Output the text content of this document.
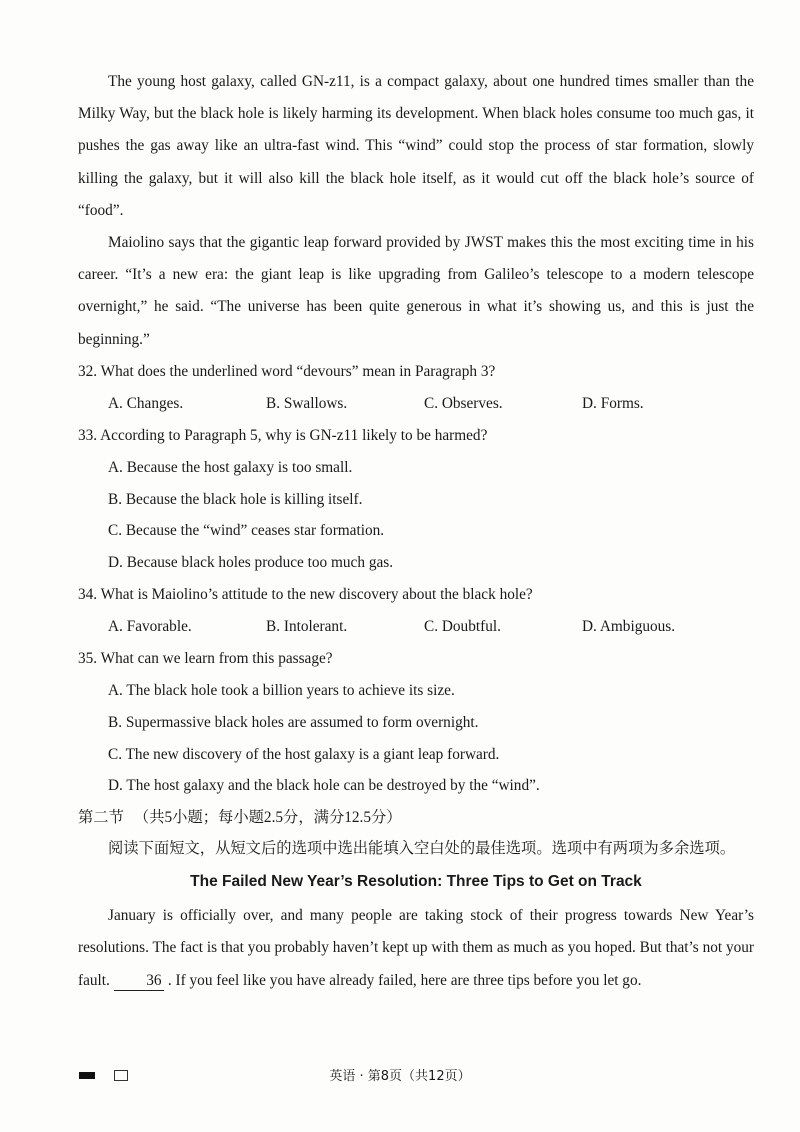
The young host galaxy, called GN-z11, is a compact galaxy, about one hundred times smaller than the Milky Way, but the black hole is likely harming its development. When black holes consume too much gas, it pushes the gas away like an ultra-fast wind. This “wind” could stop the process of star formation, slowly killing the galaxy, but it will also kill the black hole itself, as it would cut off the black hole’s source of “food”.

Maiolino says that the gigantic leap forward provided by JWST makes this the most exciting time in his career. “It’s a new era: the giant leap is like upgrading from Galileo’s telescope to a modern telescope overnight,” he said. “The universe has been quite generous in what it’s showing us, and this is just the beginning.”

32. What does the underlined word “devours” mean in Paragraph 3?

A. Changes.	B. Swallows.	C. Observes.	D. Forms.

33. According to Paragraph 5, why is GN-z11 likely to be harmed?

A. Because the host galaxy is too small.
B. Because the black hole is killing itself.
C. Because the “wind” ceases star formation.
D. Because black holes produce too much gas.

34. What is Maiolino’s attitude to the new discovery about the black hole?

A. Favorable.	B. Intolerant.	C. Doubtful.	D. Ambiguous.

35. What can we learn from this passage?

A. The black hole took a billion years to achieve its size.
B. Supermassive black holes are assumed to form overnight.
C. The new discovery of the host galaxy is a giant leap forward.
D. The host galaxy and the black hole can be destroyed by the “wind”.

第二节 （共5小题；每小题2.5分，满分12.5分）

阅读下面短文，从短文后的选项中选出能填入空白处的最佳选项。选项中有两项为多余选项。

The Failed New Year’s Resolution: Three Tips to Get on Track

January is officially over, and many people are taking stock of their progress towards New Year’s resolutions. The fact is that you probably haven’t kept up with them as much as you hoped. But that’s not your fault. 36 . If you feel like you have already failed, here are three tips before you let go.

英语 · 第8页（共12页）
